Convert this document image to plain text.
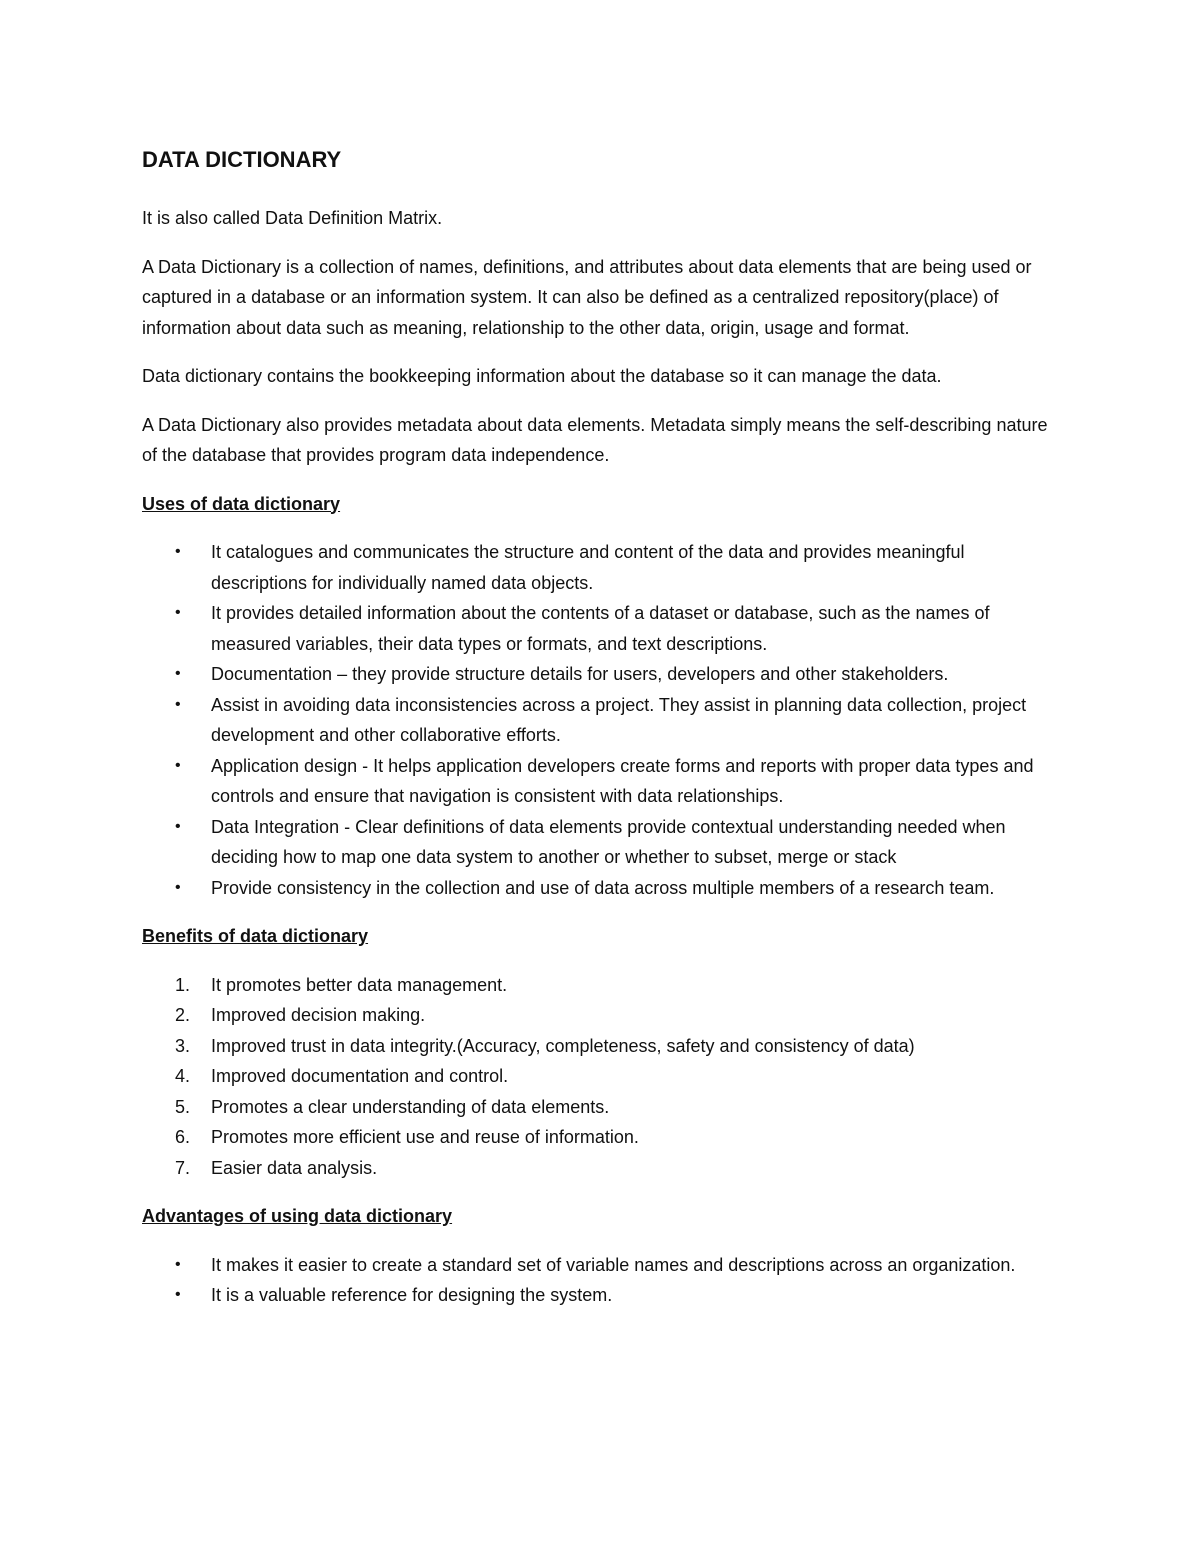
DATA DICTIONARY

It is also called Data Definition Matrix.

A Data Dictionary is a collection of names, definitions, and attributes about data elements that are being used or captured in a database or an information system. It can also be defined as a centralized repository(place) of information about data such as meaning, relationship to the other data, origin, usage and format.

Data dictionary contains the bookkeeping information about the database so it can manage the data.

A Data Dictionary also provides metadata about data elements. Metadata simply means the self-describing nature of the database that provides program data independence.

Uses of data dictionary
• It catalogues and communicates the structure and content of the data and provides meaningful descriptions for individually named data objects.
• It provides detailed information about the contents of a dataset or database, such as the names of measured variables, their data types or formats, and text descriptions.
• Documentation – they provide structure details for users, developers and other stakeholders.
• Assist in avoiding data inconsistencies across a project. They assist in planning data collection, project development and other collaborative efforts.
• Application design - It helps application developers create forms and reports with proper data types and controls and ensure that navigation is consistent with data relationships.
• Data Integration - Clear definitions of data elements provide contextual understanding needed when deciding how to map one data system to another or whether to subset, merge or stack
• Provide consistency in the collection and use of data across multiple members of a research team.
Benefits of data dictionary
1. It promotes better data management.
2. Improved decision making.
3. Improved trust in data integrity.(Accuracy, completeness, safety and consistency of data)
4. Improved documentation and control.
5. Promotes a clear understanding of data elements.
6. Promotes more efficient use and reuse of information.
7. Easier data analysis.
Advantages of using data dictionary
• It makes it easier to create a standard set of variable names and descriptions across an organization.
• It is a valuable reference for designing the system.
